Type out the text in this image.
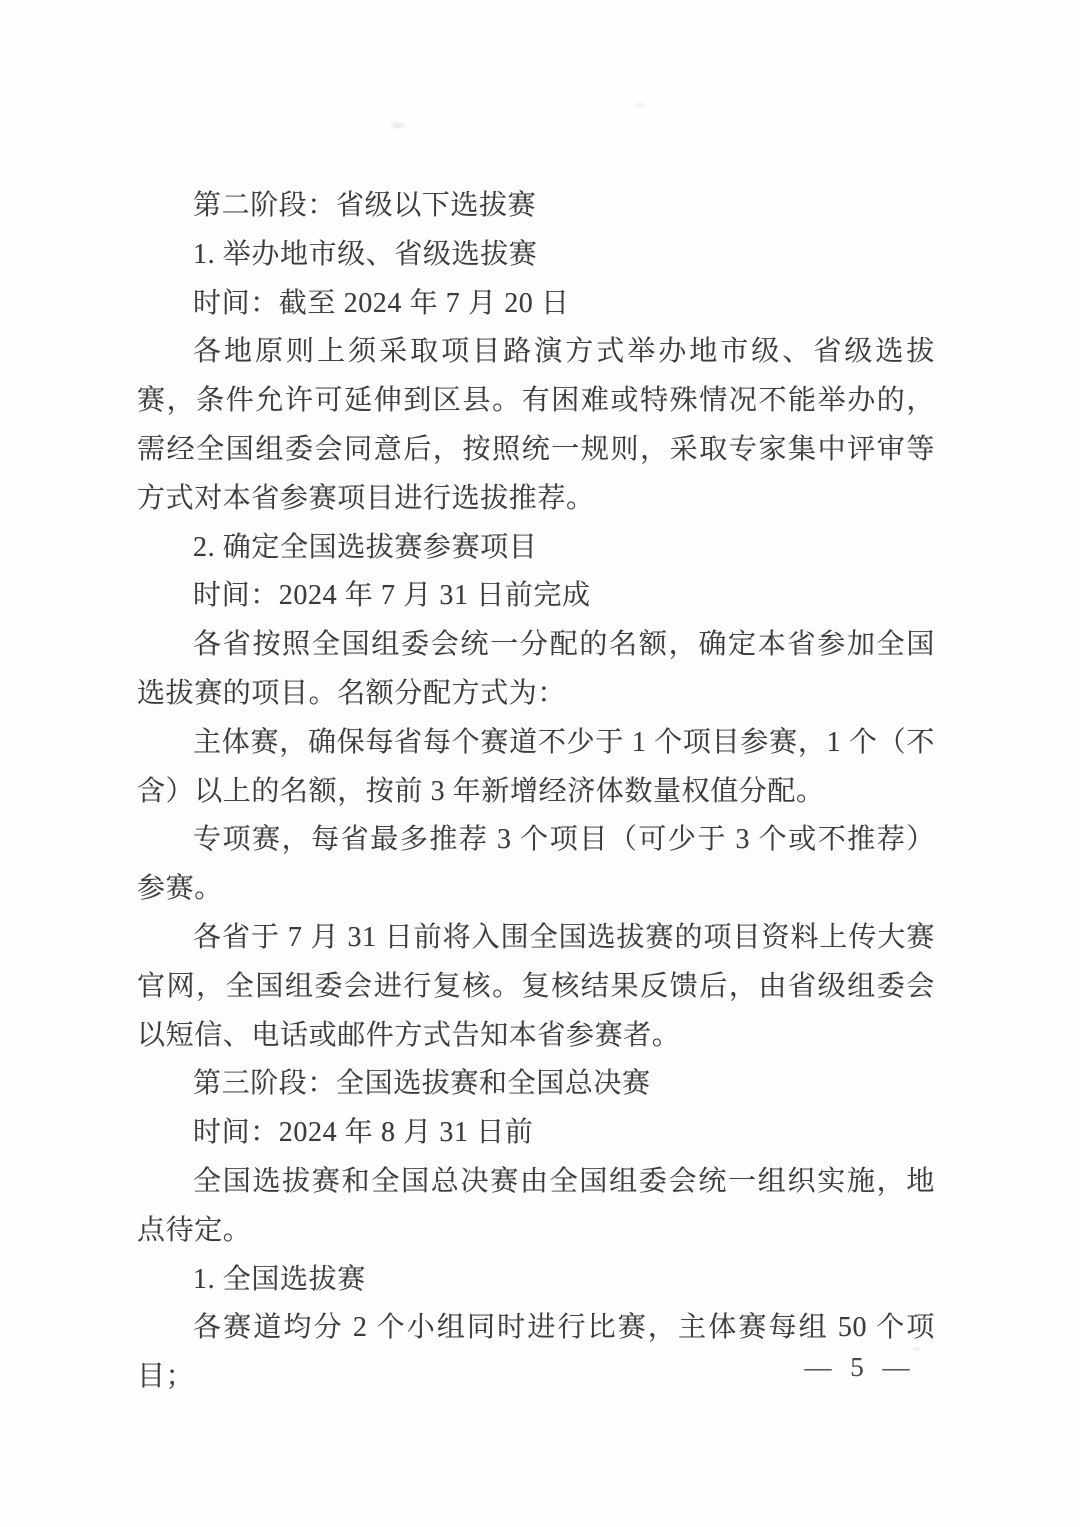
第二阶段：省级以下选拔赛

1. 举办地市级、省级选拔赛

时间：截至 2024 年 7 月 20 日

各地原则上须采取项目路演方式举办地市级、省级选拔赛，条件允许可延伸到区县。有困难或特殊情况不能举办的，需经全国组委会同意后，按照统一规则，采取专家集中评审等方式对本省参赛项目进行选拔推荐。

2. 确定全国选拔赛参赛项目

时间：2024 年 7 月 31 日前完成

各省按照全国组委会统一分配的名额，确定本省参加全国选拔赛的项目。名额分配方式为：

主体赛，确保每省每个赛道不少于 1 个项目参赛，1 个（不含）以上的名额，按前 3 年新增经济体数量权值分配。

专项赛，每省最多推荐 3 个项目（可少于 3 个或不推荐）参赛。

各省于 7 月 31 日前将入围全国选拔赛的项目资料上传大赛官网，全国组委会进行复核。复核结果反馈后，由省级组委会以短信、电话或邮件方式告知本省参赛者。

第三阶段：全国选拔赛和全国总决赛

时间：2024 年 8 月 31 日前

全国选拔赛和全国总决赛由全国组委会统一组织实施，地点待定。

1. 全国选拔赛

各赛道均分 2 个小组同时进行比赛，主体赛每组 50 个项目；	— 5 —
